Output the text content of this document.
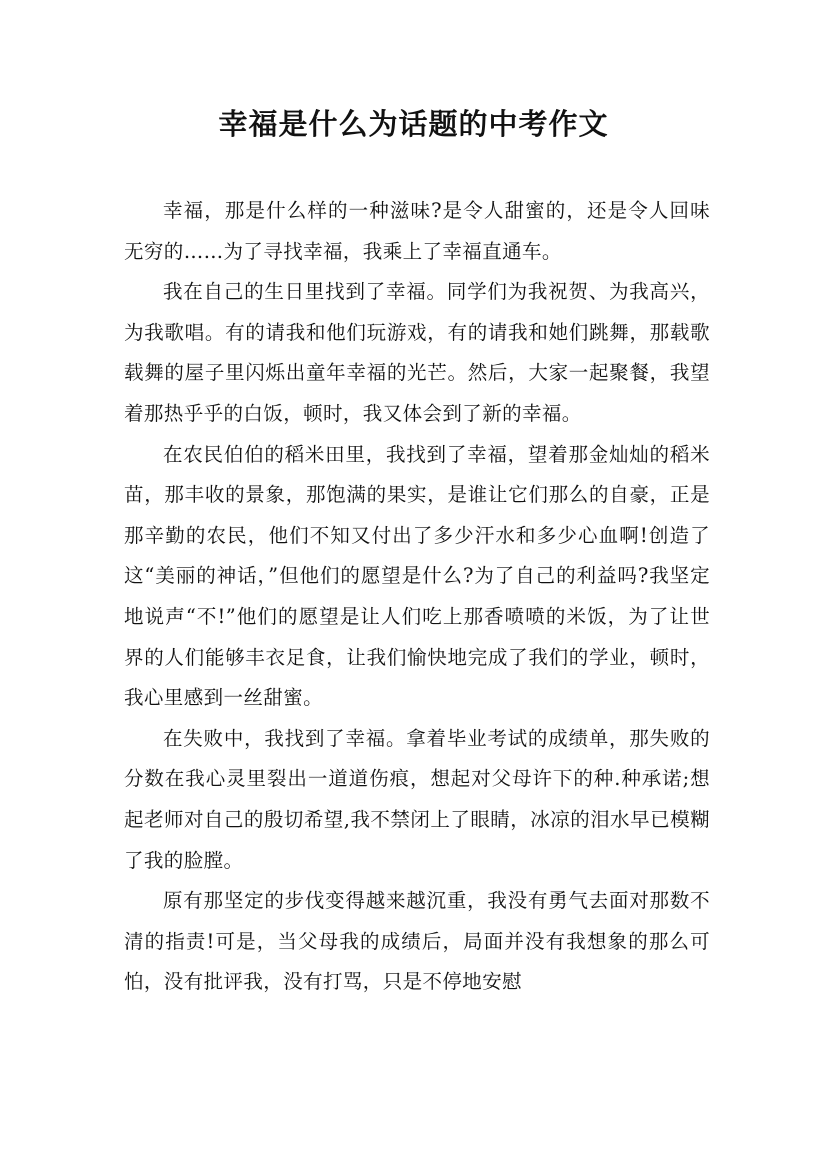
幸福是什么为话题的中考作文

幸福，那是什么样的一种滋味?是令人甜蜜的，还是令人回味无穷的……为了寻找幸福，我乘上了幸福直通车。

我在自己的生日里找到了幸福。同学们为我祝贺、为我高兴，为我歌唱。有的请我和他们玩游戏，有的请我和她们跳舞，那载歌载舞的屋子里闪烁出童年幸福的光芒。然后，大家一起聚餐，我望着那热乎乎的白饭，顿时，我又体会到了新的幸福。

在农民伯伯的稻米田里，我找到了幸福，望着那金灿灿的稻米苗，那丰收的景象，那饱满的果实，是谁让它们那么的自豪，正是那辛勤的农民，他们不知又付出了多少汗水和多少心血啊!创造了这“美丽的神话，”但他们的愿望是什么?为了自己的利益吗?我坚定地说声“不!”他们的愿望是让人们吃上那香喷喷的米饭，为了让世界的人们能够丰衣足食，让我们愉快地完成了我们的学业，顿时，我心里感到一丝甜蜜。

在失败中，我找到了幸福。拿着毕业考试的成绩单，那失败的分数在我心灵里裂出一道道伤痕，想起对父母许下的种.种承诺;想起老师对自己的殷切希望,我不禁闭上了眼睛，冰凉的泪水早已模糊了我的脸膛。

原有那坚定的步伐变得越来越沉重，我没有勇气去面对那数不清的指责!可是，当父母我的成绩后，局面并没有我想象的那么可怕，没有批评我，没有打骂，只是不停地安慰
